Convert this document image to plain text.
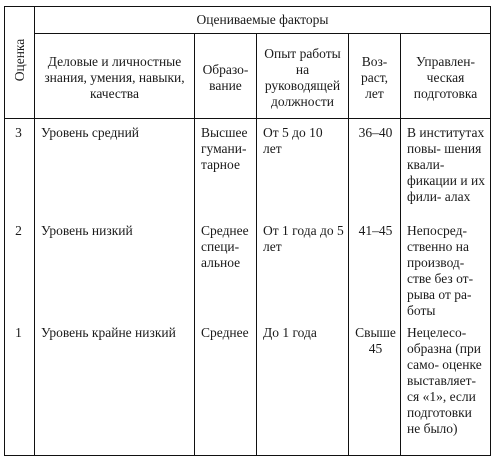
Оценка	Оцениваемые факторы				
	Деловые и личностные знания, умения, навыки, качества	Образо- вание	Опыт работы на руководящей должности	Воз- раст, лет	Управлен- ческая подготовка
3	Уровень средний	Высшее гумани- тарное	От 5 до 10 лет	36–40	В институтах повы- шения квали- фикации и их фили- алах
2	Уровень низкий	Среднее специ- альное	От 1 года до 5 лет	41–45	Непосред- ственно на производ- стве без от- рыва от ра- боты
1	Уровень крайне низкий	Среднее	До 1 года	Свыше 45	Нецелесо- образна (при само- оценке выставляет- ся «1», если подготовки не было)
